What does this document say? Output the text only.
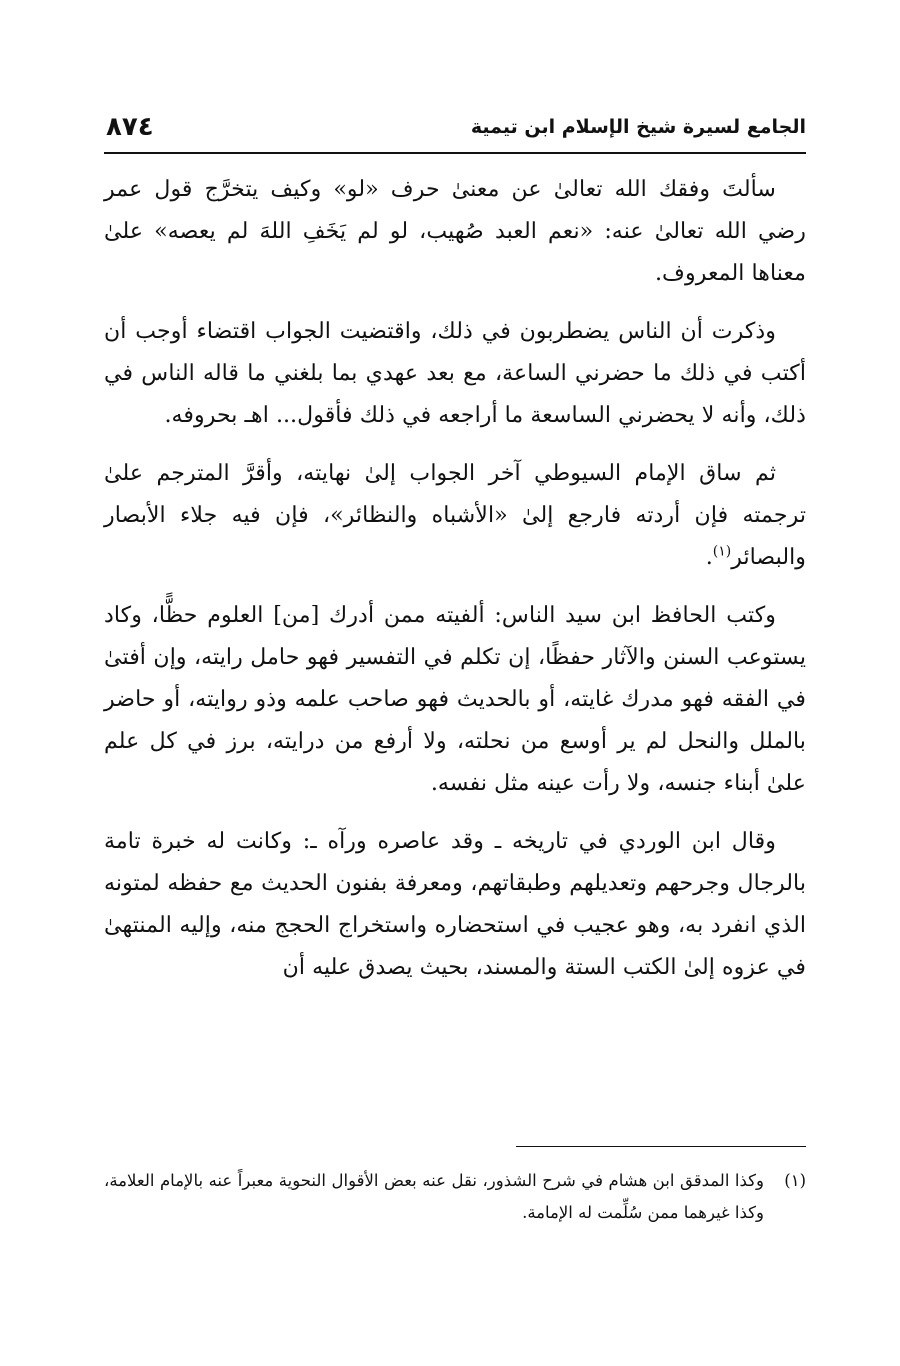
الجامع لسيرة شيخ الإسلام ابن تيمية
٨٧٤

سألتَ وفقك الله تعالىٰ عن معنىٰ حرف «لو» وكيف يتخرَّج قول عمر رضي الله تعالىٰ عنه: «نعم العبد صُهيب، لو لم يَخَفِ اللهَ لم يعصه» علىٰ معناها المعروف.

وذكرت أن الناس يضطربون في ذلك، واقتضيت الجواب اقتضاء أوجب أن أكتب في ذلك ما حضرني الساعة، مع بعد عهدي بما بلغني ما قاله الناس في ذلك، وأنه لا يحضرني الساسعة ما أراجعه في ذلك فأقول... اهـ بحروفه.

ثم ساق الإمام السيوطي آخر الجواب إلىٰ نهايته، وأقرَّ المترجم علىٰ ترجمته فإن أردته فارجع إلىٰ «الأشباه والنظائر»، فإن فيه جلاء الأبصار والبصائر$^{(١)}$.

وكتب الحافظ ابن سيد الناس: ألفيته ممن أدرك [من] العلوم حظًّا، وكاد يستوعب السنن والآثار حفظًا، إن تكلم في التفسير فهو حامل رايته، وإن أفتىٰ في الفقه فهو مدرك غايته، أو بالحديث فهو صاحب علمه وذو روايته، أو حاضر بالملل والنحل لم ير أوسع من نحلته، ولا أرفع من درايته، برز في كل علم علىٰ أبناء جنسه، ولا رأت عينه مثل نفسه.

وقال ابن الوردي في تاريخه ـ وقد عاصره ورآه ـ: وكانت له خبرة تامة بالرجال وجرحهم وتعديلهم وطبقاتهم، ومعرفة بفنون الحديث مع حفظه لمتونه الذي انفرد به، وهو عجيب في استحضاره واستخراج الحجج منه، وإليه المنتهىٰ في عزوه إلىٰ الكتب الستة والمسند، بحيث يصدق عليه أن

(١)
وكذا المدقق ابن هشام في شرح الشذور، نقل عنه بعض الأقوال النحوية معبراً عنه بالإمام العلامة، وكذا غيرهما ممن سُلِّمت له الإمامة.
